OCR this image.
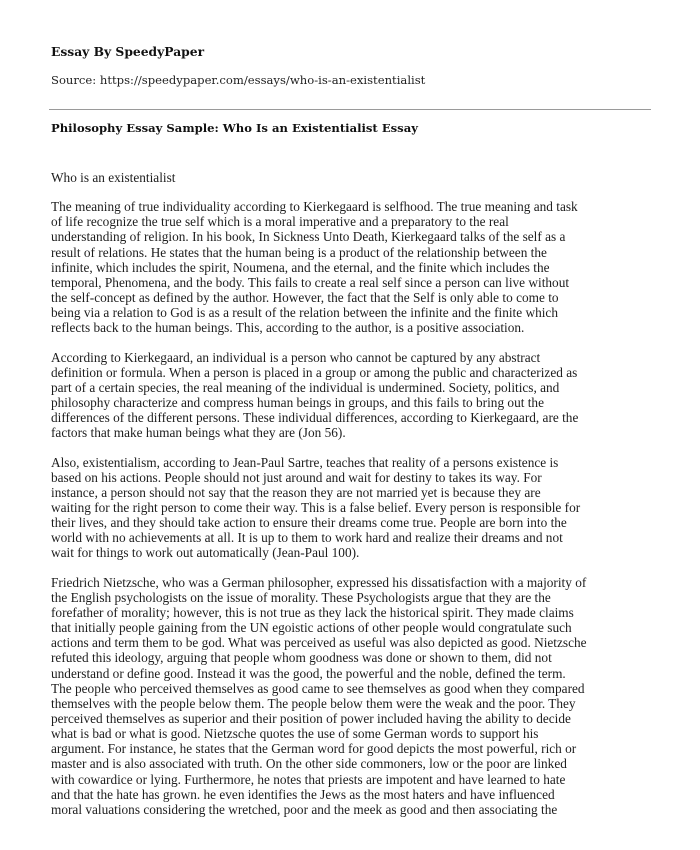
Essay By SpeedyPaper
Source: https://speedypaper.com/essays/who-is-an-existentialist
Philosophy Essay Sample: Who Is an Existentialist Essay
Who is an existentialist
The meaning of true individuality according to Kierkegaard is selfhood. The true meaning and task
of life recognize the true self which is a moral imperative and a preparatory to the real
understanding of religion. In his book, In Sickness Unto Death, Kierkegaard talks of the self as a
result of relations. He states that the human being is a product of the relationship between the
infinite, which includes the spirit, Noumena, and the eternal, and the finite which includes the
temporal, Phenomena, and the body. This fails to create a real self since a person can live without
the self-concept as defined by the author. However, the fact that the Self is only able to come to
being via a relation to God is as a result of the relation between the infinite and the finite which
reflects back to the human beings. This, according to the author, is a positive association.
According to Kierkegaard, an individual is a person who cannot be captured by any abstract
definition or formula. When a person is placed in a group or among the public and characterized as
part of a certain species, the real meaning of the individual is undermined. Society, politics, and
philosophy characterize and compress human beings in groups, and this fails to bring out the
differences of the different persons. These individual differences, according to Kierkegaard, are the
factors that make human beings what they are (Jon 56).
Also, existentialism, according to Jean-Paul Sartre, teaches that reality of a persons existence is
based on his actions. People should not just around and wait for destiny to takes its way. For
instance, a person should not say that the reason they are not married yet is because they are
waiting for the right person to come their way. This is a false belief. Every person is responsible for
their lives, and they should take action to ensure their dreams come true. People are born into the
world with no achievements at all. It is up to them to work hard and realize their dreams and not
wait for things to work out automatically (Jean-Paul 100).
Friedrich Nietzsche, who was a German philosopher, expressed his dissatisfaction with a majority of
the English psychologists on the issue of morality. These Psychologists argue that they are the
forefather of morality; however, this is not true as they lack the historical spirit. They made claims
that initially people gaining from the UN egoistic actions of other people would congratulate such
actions and term them to be god. What was perceived as useful was also depicted as good. Nietzsche
refuted this ideology, arguing that people whom goodness was done or shown to them, did not
understand or define good. Instead it was the good, the powerful and the noble, defined the term.
The people who perceived themselves as good came to see themselves as good when they compared
themselves with the people below them. The people below them were the weak and the poor. They
perceived themselves as superior and their position of power included having the ability to decide
what is bad or what is good. Nietzsche quotes the use of some German words to support his
argument. For instance, he states that the German word for good depicts the most powerful, rich or
master and is also associated with truth. On the other side commoners, low or the poor are linked
with cowardice or lying. Furthermore, he notes that priests are impotent and have learned to hate
and that the hate has grown. he even identifies the Jews as the most haters and have influenced
moral valuations considering the wretched, poor and the meek as good and then associating the
